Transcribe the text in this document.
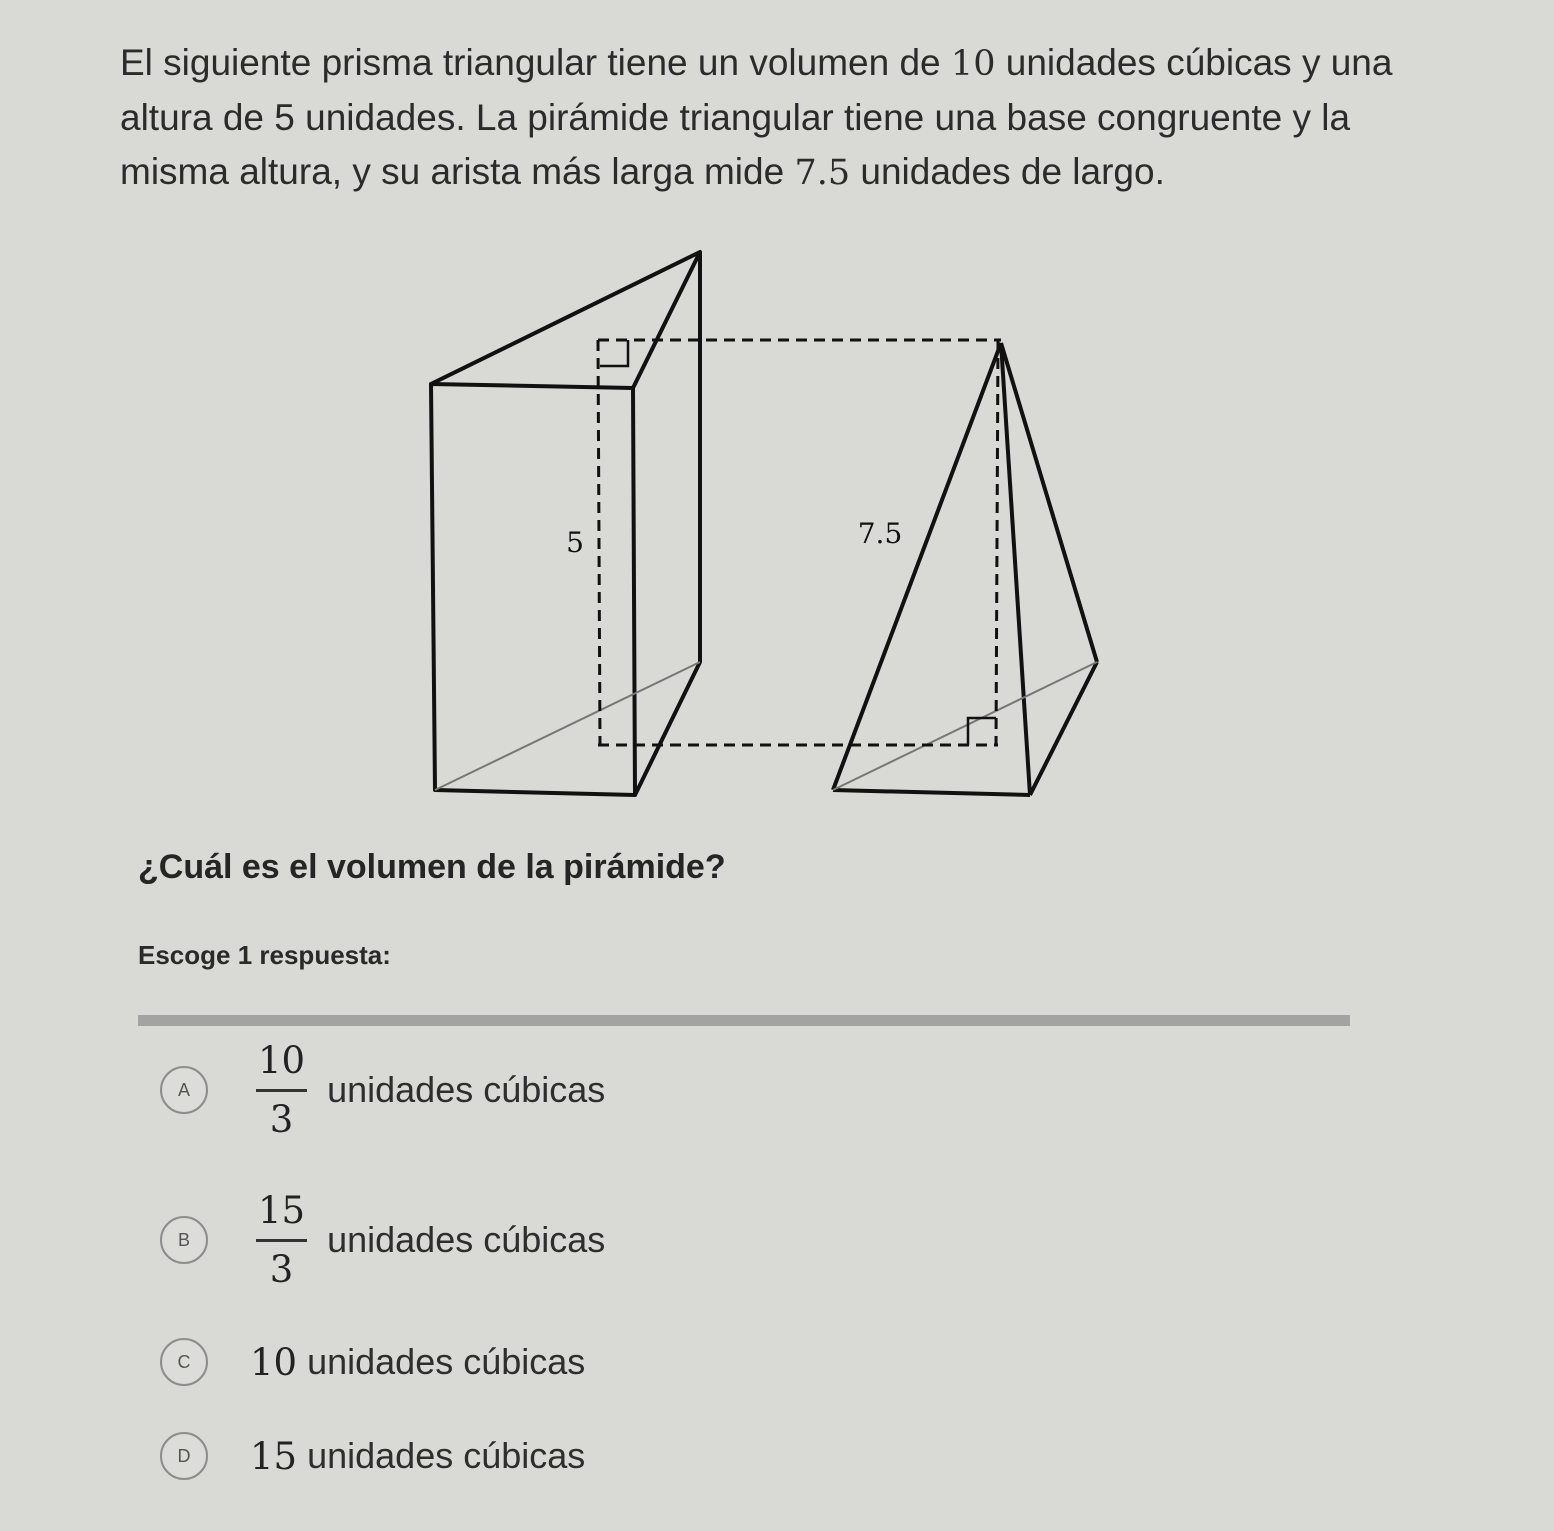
El siguiente prisma triangular tiene un volumen de 10 unidades cúbicas y una altura de 5 unidades. La pirámide triangular tiene una base congruente y la misma altura, y su arista más larga mide 7.5 unidades de largo.

5	7.5
¿Cuál es el volumen de la pirámide?
Escoge 1 respuesta:
A	$\frac{10}{3}$ unidades cúbicas
B	$\frac{15}{3}$ unidades cúbicas
C	10 unidades cúbicas
D	15 unidades cúbicas
